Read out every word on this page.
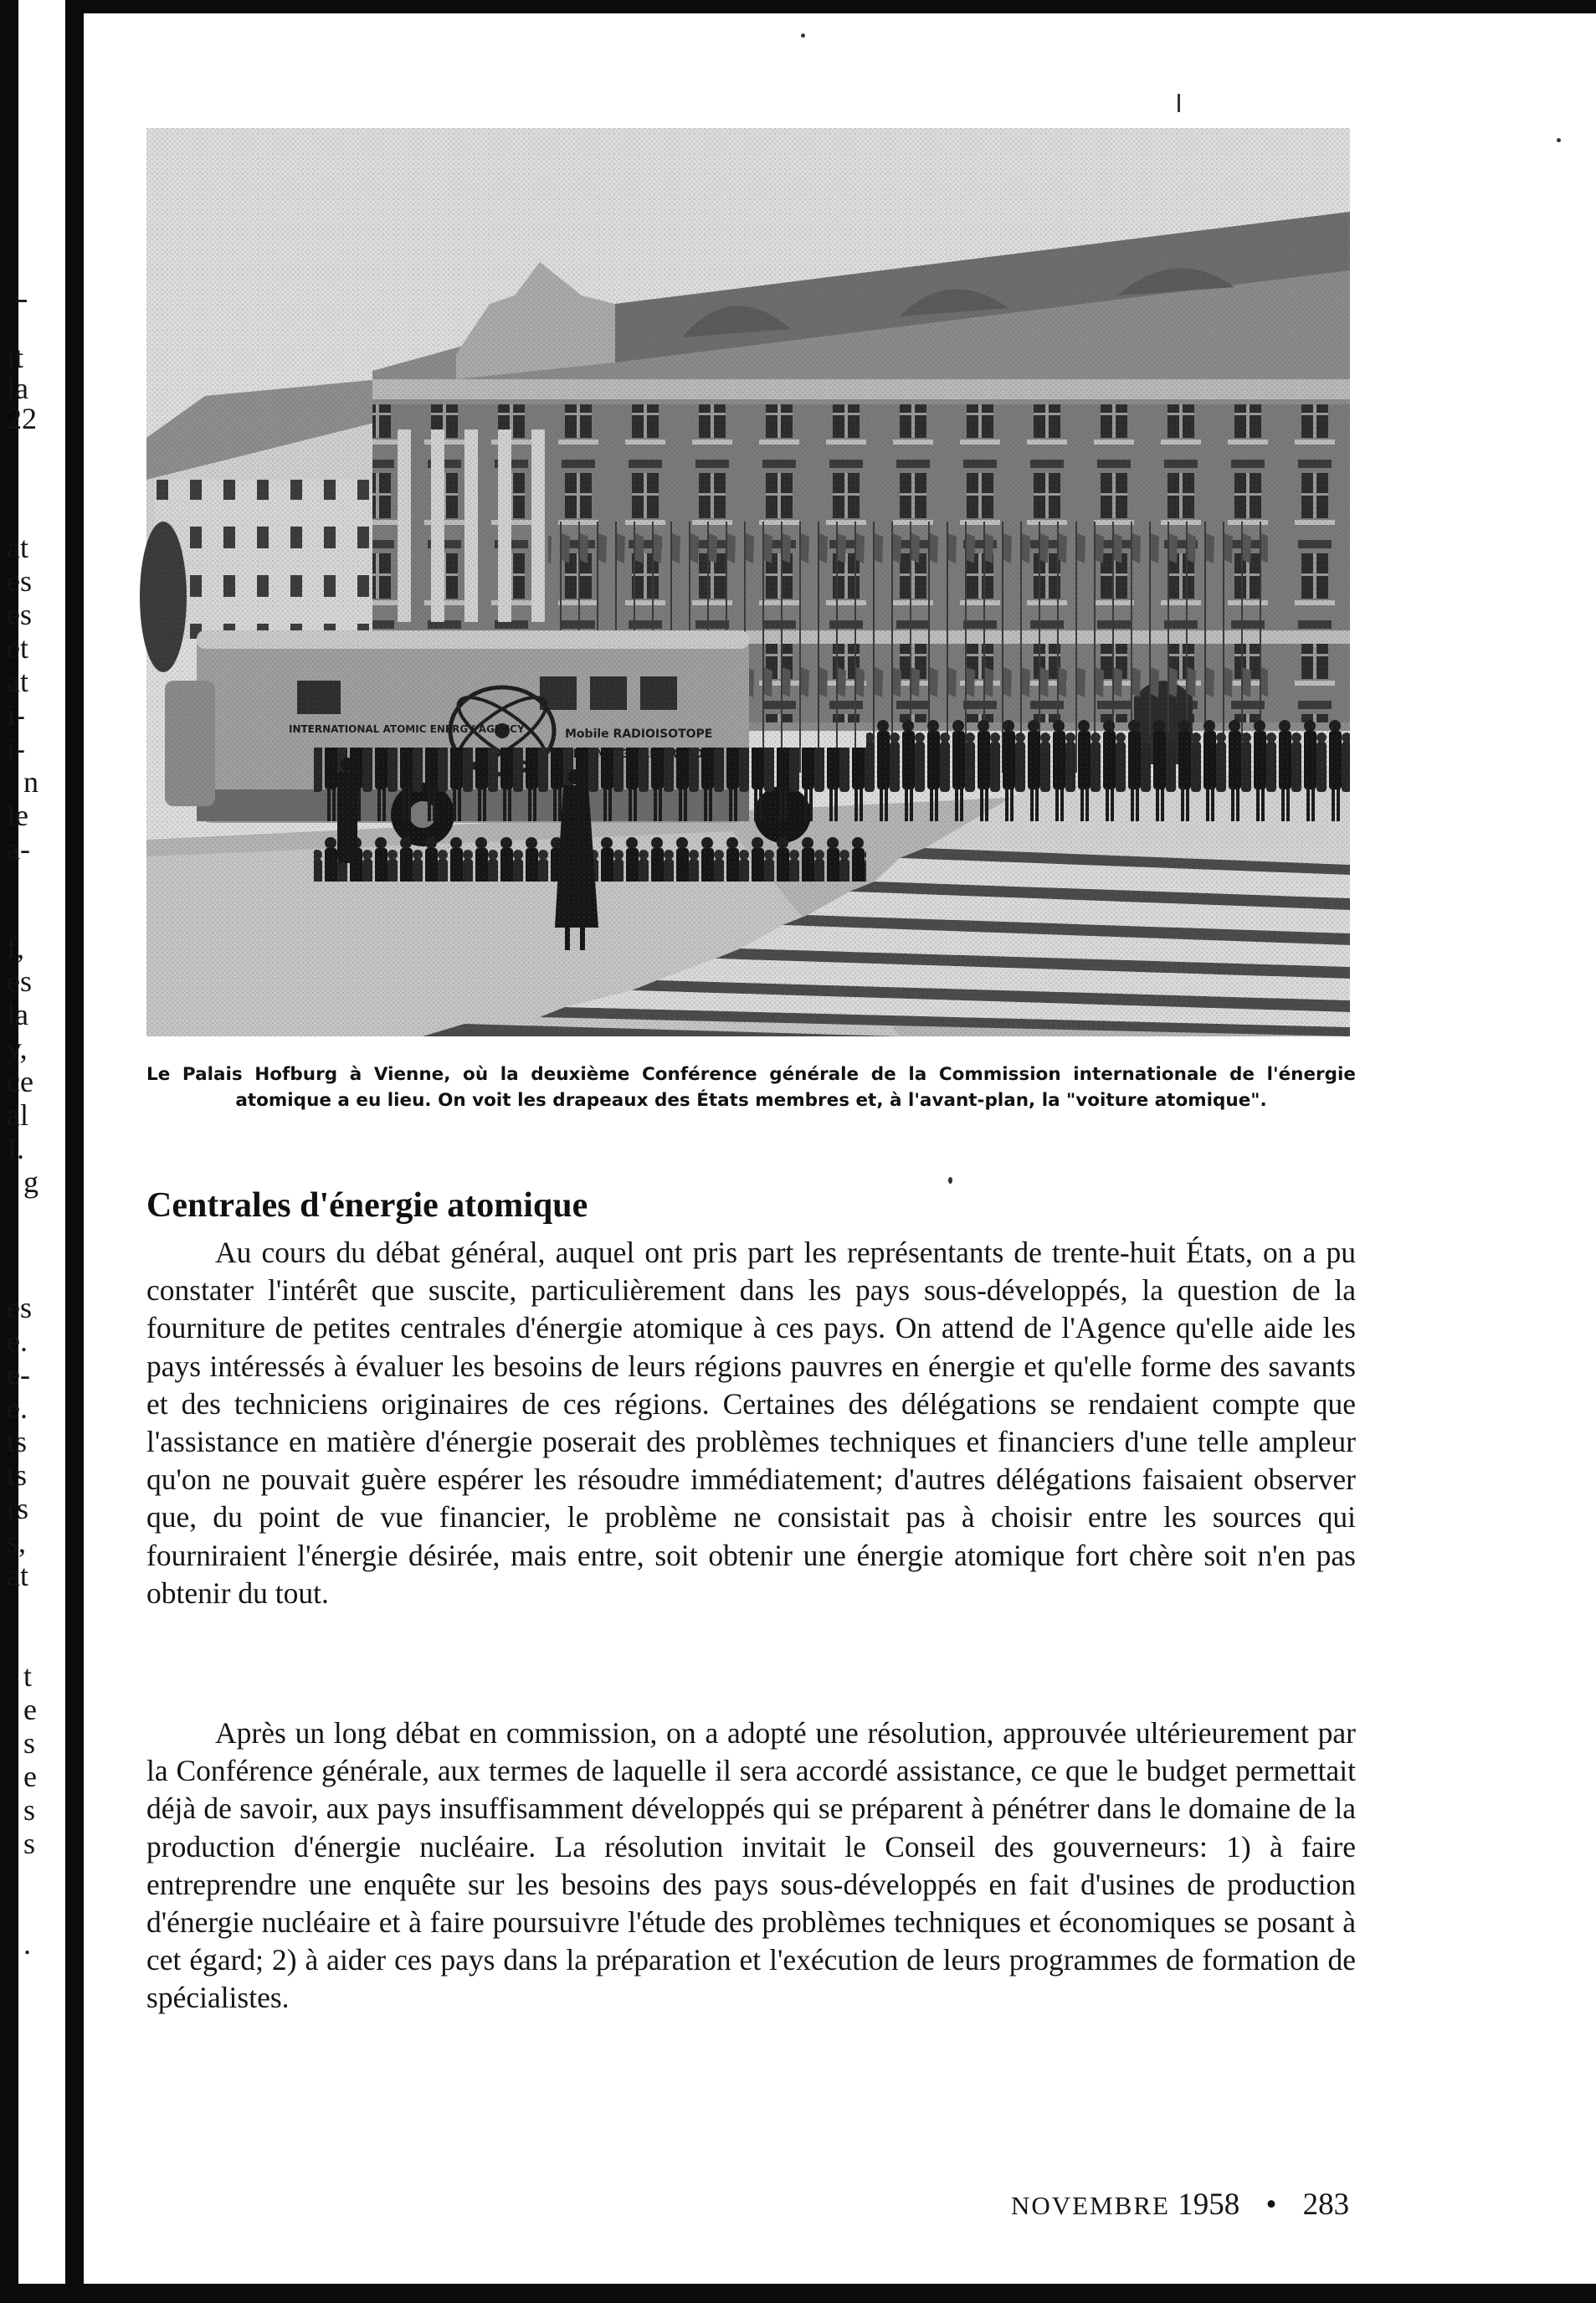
it
la
22
at
es
es
et
at
i-
i-
n
le
a-
f,
es
la
y,
ce
al
I.
g
es
e.
e-
e.
ts
ts
rs
s,
at
t
e
s
e
s
s
.
Le Palais Hofburg à Vienne, où la deuxième Conférence générale de la Commission internationale de l'énergie atomique a eu lieu. On voit les drapeaux des États membres et, à l'avant-plan, la "voiture atomique".
Centrales d'énergie atomique

Au cours du débat général, auquel ont pris part les représentants de trente-huit États, on a pu constater l'intérêt que suscite, particulièrement dans les pays sous-développés, la question de la fourniture de petites centrales d'énergie atomique à ces pays. On attend de l'Agence qu'elle aide les pays intéressés à évaluer les besoins de leurs régions pauvres en énergie et qu'elle forme des savants et des techniciens originaires de ces régions. Certaines des délégations se rendaient compte que l'assistance en matière d'énergie poserait des problèmes techniques et financiers d'une telle ampleur qu'on ne pouvait guère espérer les résoudre immédiatement; d'autres délégations faisaient observer que, du point de vue financier, le problème ne consistait pas à choisir entre les sources qui fourniraient l'énergie désirée, mais entre, soit obtenir une énergie atomique fort chère soit n'en pas obtenir du tout.

Après un long débat en commission, on a adopté une résolution, approuvée ultérieurement par la Conférence générale, aux termes de laquelle il sera accordé assistance, ce que le budget permettait déjà de savoir, aux pays insuffisamment développés qui se préparent à pénétrer dans le domaine de la production d'énergie nucléaire. La résolution invitait le Conseil des gouverneurs: 1) à faire entreprendre une enquête sur les besoins des pays sous-développés en fait d'usines de production d'énergie nucléaire et à faire poursuivre l'étude des problèmes techniques et économiques se posant à cet égard; 2) à aider ces pays dans la préparation et l'exécution de leurs programmes de formation de spécialistes.

NOVEMBRE 1958 • 283
